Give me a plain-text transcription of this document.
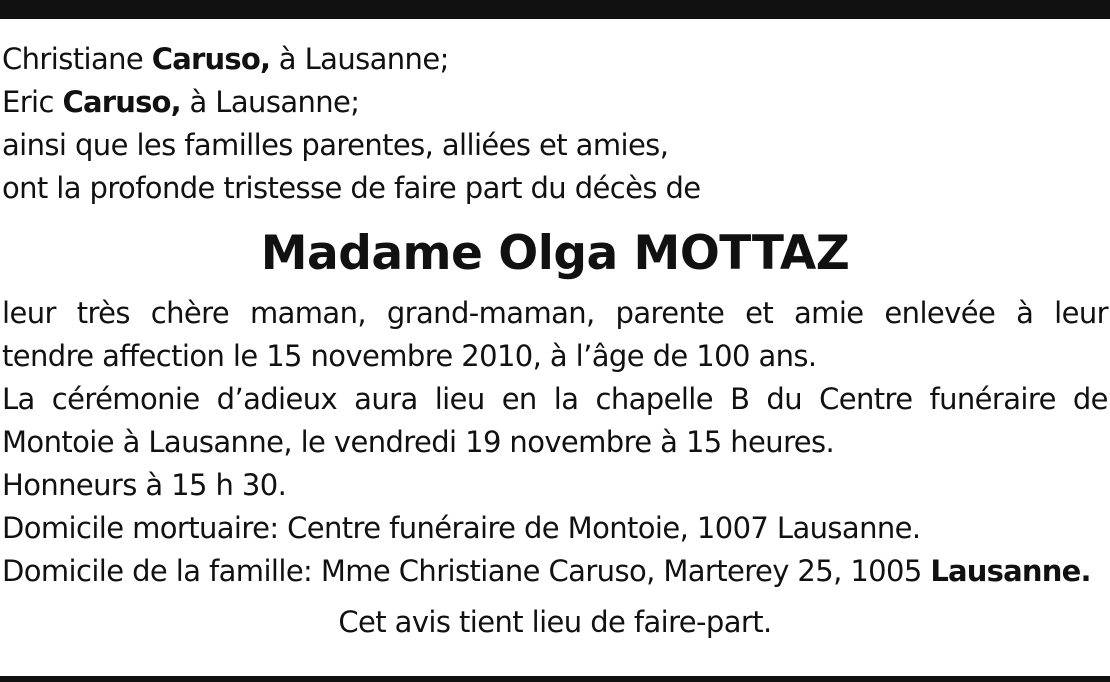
Christiane Caruso, à Lausanne;
Eric Caruso, à Lausanne;
ainsi que les familles parentes, alliées et amies,
ont la profonde tristesse de faire part du décès de
Madame Olga MOTTAZ
leur très chère maman, grand-maman, parente et amie enlevée à leur
tendre affection le 15 novembre 2010, à l’âge de 100 ans.
La cérémonie d’adieux aura lieu en la chapelle B du Centre funéraire de
Montoie à Lausanne, le vendredi 19 novembre à 15 heures.
Honneurs à 15 h 30.
Domicile mortuaire: Centre funéraire de Montoie, 1007 Lausanne.
Domicile de la famille: Mme Christiane Caruso, Marterey 25, 1005 Lausanne.
Cet avis tient lieu de faire-part.
